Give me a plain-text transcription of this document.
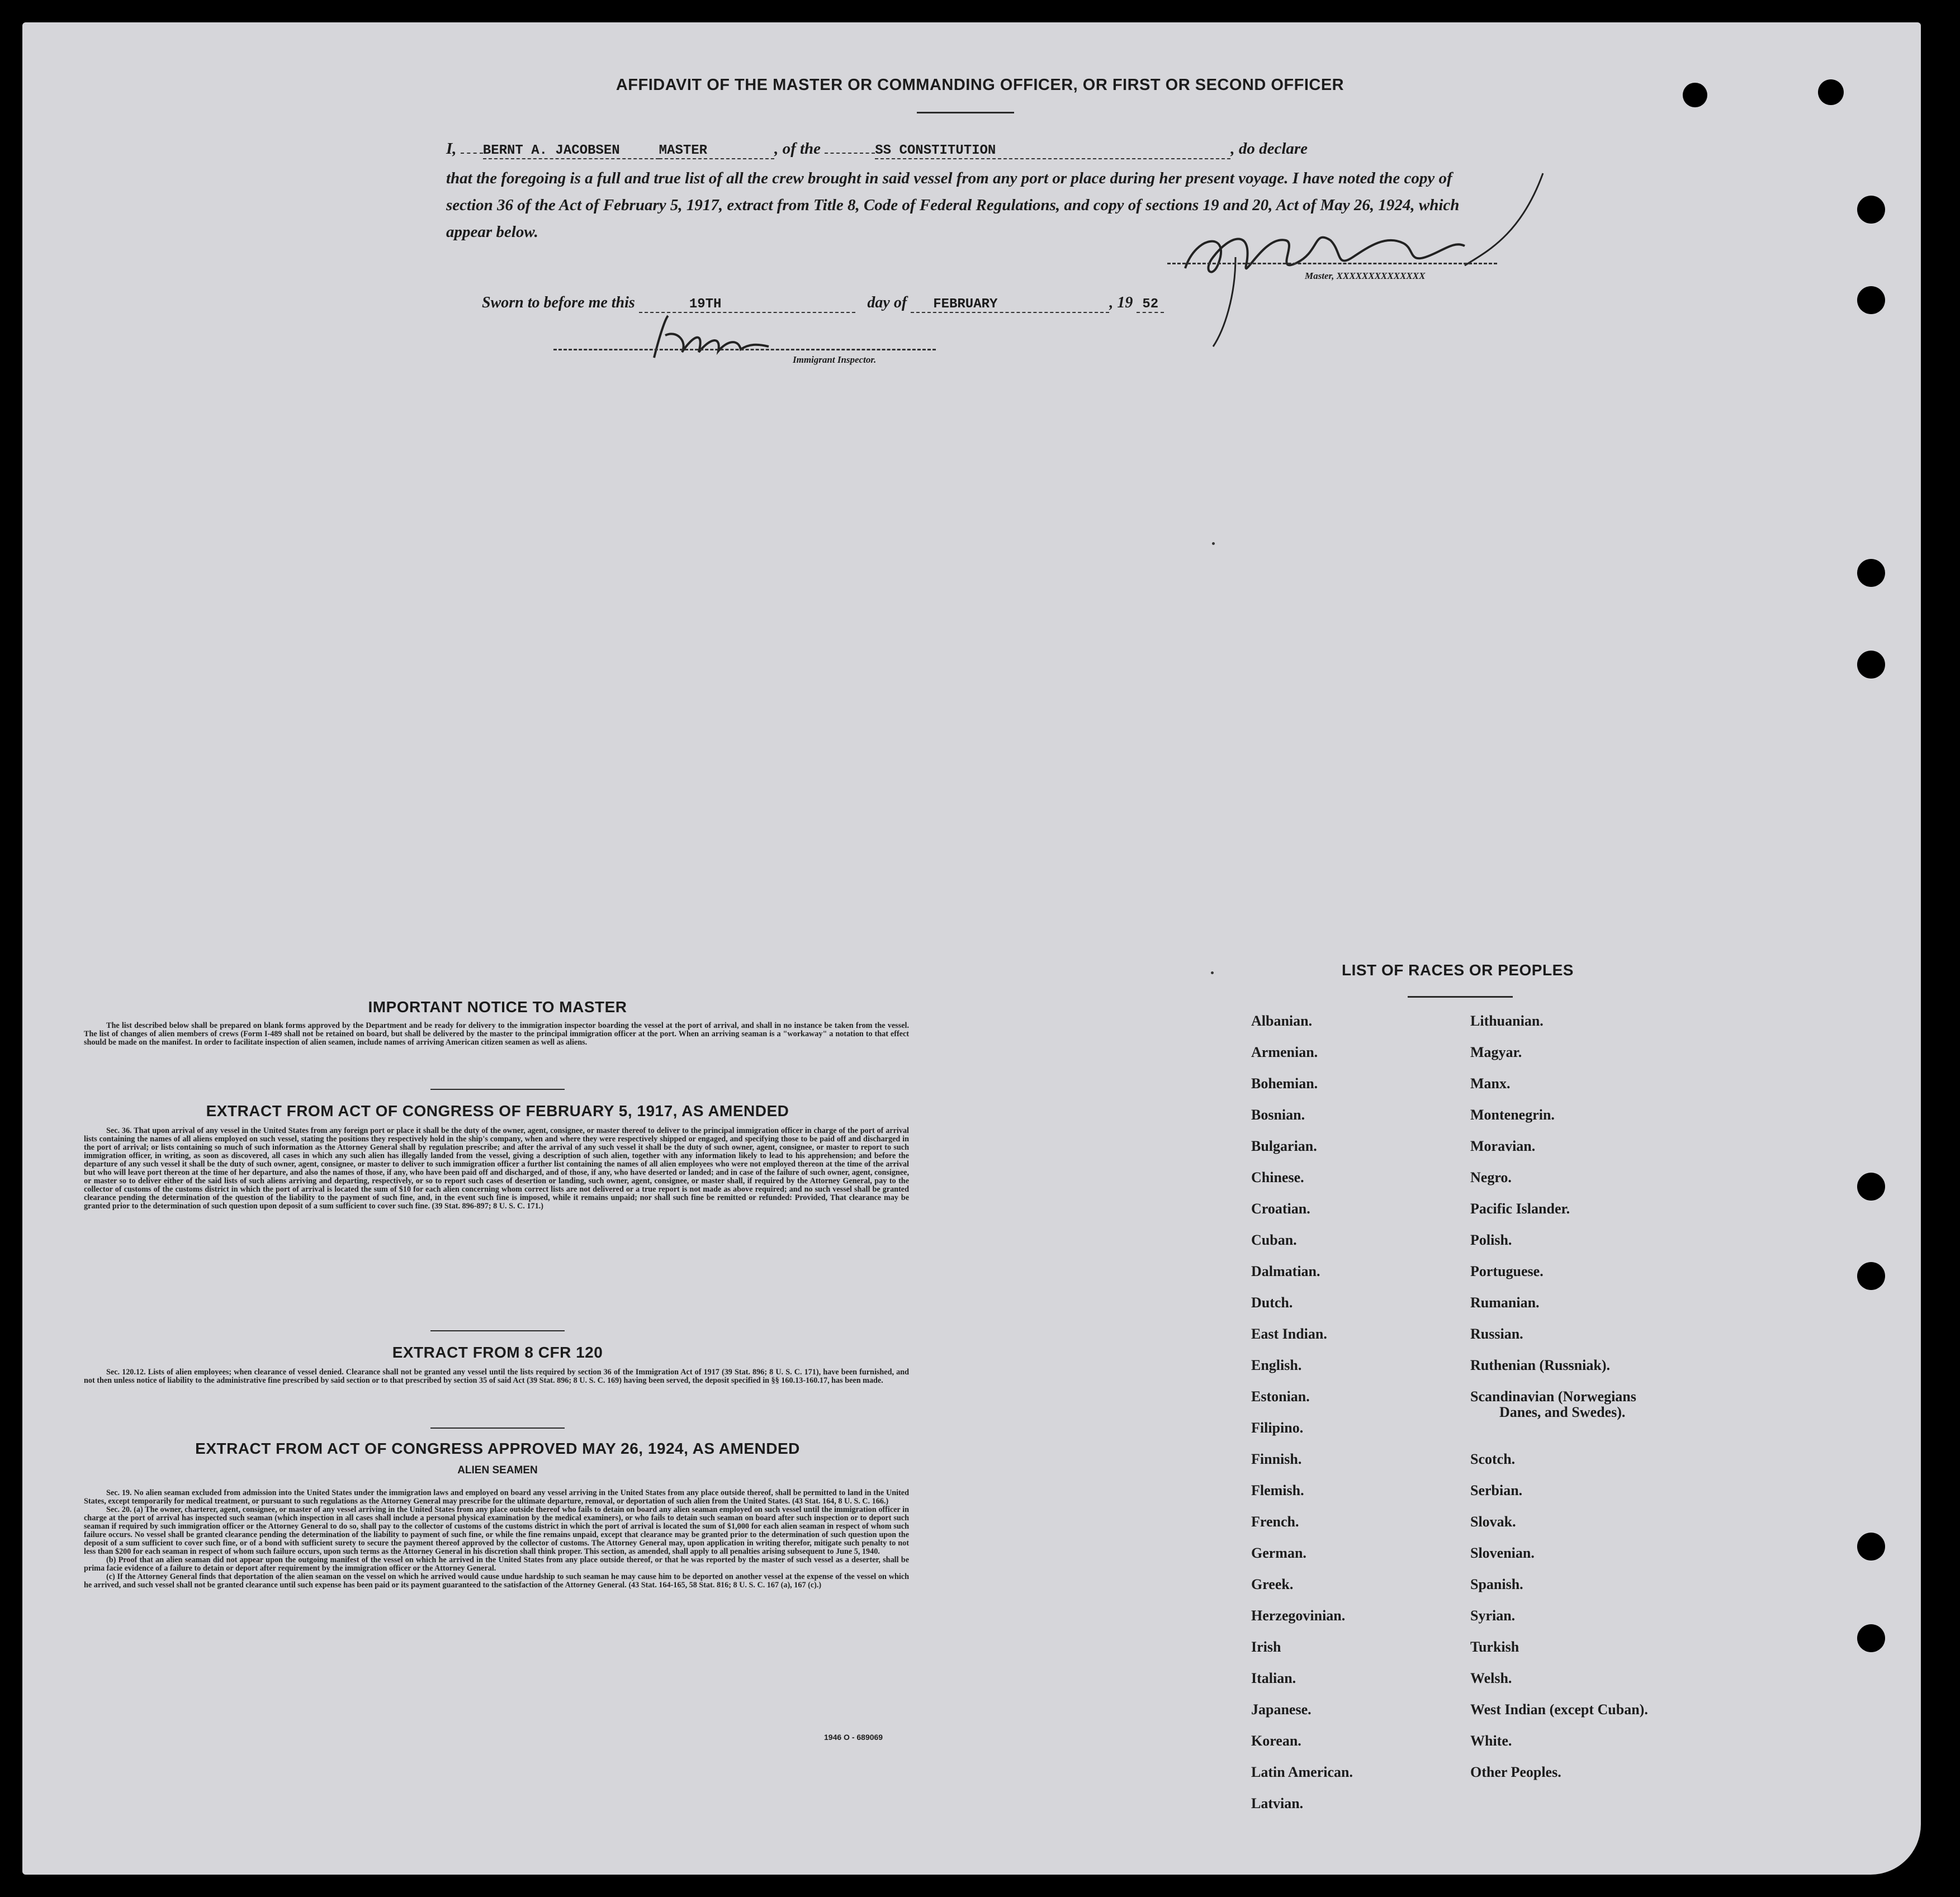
AFFIDAVIT OF THE MASTER OR COMMANDING OFFICER, OR FIRST OR SECOND OFFICER
I, BERNT A. JACOBSEN	MASTER	, of the	SS CONSTITUTION	, do declare
that the foregoing is a full and true list of all the crew brought in said vessel from any port or place during her present voyage. I have noted the copy of section 36 of the Act of February 5, 1917, extract from Title 8, Code of Federal Regulations, and copy of sections 19 and 20, Act of May 26, 1924, which appear below.
Master, XXXXXXXXXXXXXX
Sworn to before me this	19TH	day of FEBRUARY	, 19 52
Immigrant Inspector.
IMPORTANT NOTICE TO MASTER

The list described below shall be prepared on blank forms approved by the Department and be ready for delivery to the immigration inspector boarding the vessel at the port of arrival, and shall in no instance be taken from the vessel. The list of changes of alien members of crews (Form I-489 shall not be retained on board, but shall be delivered by the master to the principal immigration officer at the port. When an arriving seaman is a "workaway" a notation to that effect should be made on the manifest. In order to facilitate inspection of alien seamen, include names of arriving American citizen seamen as well as aliens.

EXTRACT FROM ACT OF CONGRESS OF FEBRUARY 5, 1917, AS AMENDED

Sec. 36. That upon arrival of any vessel in the United States from any foreign port or place it shall be the duty of the owner, agent, consignee, or master thereof to deliver to the principal immigration officer in charge of the port of arrival lists containing the names of all aliens employed on such vessel, stating the positions they respectively hold in the ship's company, when and where they were respectively shipped or engaged, and specifying those to be paid off and discharged in the port of arrival; or lists containing so much of such information as the Attorney General shall by regulation prescribe; and after the arrival of any such vessel it shall be the duty of such owner, agent, consignee, or master to report to such immigration officer, in writing, as soon as discovered, all cases in which any such alien has illegally landed from the vessel, giving a description of such alien, together with any information likely to lead to his apprehension; and before the departure of any such vessel it shall be the duty of such owner, agent, consignee, or master to deliver to such immigration officer a further list containing the names of all alien employees who were not employed thereon at the time of the arrival but who will leave port thereon at the time of her departure, and also the names of those, if any, who have been paid off and discharged, and of those, if any, who have deserted or landed; and in case of the failure of such owner, agent, consignee, or master so to deliver either of the said lists of such aliens arriving and departing, respectively, or so to report such cases of desertion or landing, such owner, agent, consignee, or master shall, if required by the Attorney General, pay to the collector of customs of the customs district in which the port of arrival is located the sum of $10 for each alien concerning whom correct lists are not delivered or a true report is not made as above required; and no such vessel shall be granted clearance pending the determination of the question of the liability to the payment of such fine, and, in the event such fine is imposed, while it remains unpaid; nor shall such fine be remitted or refunded: Provided, That clearance may be granted prior to the determination of such question upon deposit of a sum sufficient to cover such fine. (39 Stat. 896-897; 8 U. S. C. 171.)

EXTRACT FROM 8 CFR 120

Sec. 120.12. Lists of alien employees; when clearance of vessel denied. Clearance shall not be granted any vessel until the lists required by section 36 of the Immigration Act of 1917 (39 Stat. 896; 8 U. S. C. 171), have been furnished, and not then unless notice of liability to the administrative fine prescribed by said section or to that prescribed by section 35 of said Act (39 Stat. 896; 8 U. S. C. 169) having been served, the deposit specified in §§ 160.13-160.17, has been made.

EXTRACT FROM ACT OF CONGRESS APPROVED MAY 26, 1924, AS AMENDED
ALIEN SEAMEN

Sec. 19. No alien seaman excluded from admission into the United States under the immigration laws and employed on board any vessel arriving in the United States from any place outside thereof, shall be permitted to land in the United States, except temporarily for medical treatment, or pursuant to such regulations as the Attorney General may prescribe for the ultimate departure, removal, or deportation of such alien from the United States. (43 Stat. 164, 8 U. S. C. 166.)

Sec. 20. (a) The owner, charterer, agent, consignee, or master of any vessel arriving in the United States from any place outside thereof who fails to detain on board any alien seaman employed on such vessel until the immigration officer in charge at the port of arrival has inspected such seaman (which inspection in all cases shall include a personal physical examination by the medical examiners), or who fails to detain such seaman on board after such inspection or to deport such seaman if required by such immigration officer or the Attorney General to do so, shall pay to the collector of customs of the customs district in which the port of arrival is located the sum of $1,000 for each alien seaman in respect of whom such failure occurs. No vessel shall be granted clearance pending the determination of the liability to payment of such fine, or while the fine remains unpaid, except that clearance may be granted prior to the determination of such question upon the deposit of a sum sufficient to cover such fine, or of a bond with sufficient surety to secure the payment thereof approved by the collector of customs. The Attorney General may, upon application in writing therefor, mitigate such penalty to not less than $200 for each seaman in respect of whom such failure occurs, upon such terms as the Attorney General in his discretion shall think proper. This section, as amended, shall apply to all penalties arising subsequent to June 5, 1940.

(b) Proof that an alien seaman did not appear upon the outgoing manifest of the vessel on which he arrived in the United States from any place outside thereof, or that he was reported by the master of such vessel as a deserter, shall be prima facie evidence of a failure to detain or deport after requirement by the immigration officer or the Attorney General.

(c) If the Attorney General finds that deportation of the alien seaman on the vessel on which he arrived would cause undue hardship to such seaman he may cause him to be deported on another vessel at the expense of the vessel on which he arrived, and such vessel shall not be granted clearance until such expense has been paid or its payment guaranteed to the satisfaction of the Attorney General. (43 Stat. 164-165, 58 Stat. 816; 8 U. S. C. 167 (a), 167 (c).)

1946 O - 689069
LIST OF RACES OR PEOPLES
Albanian.
Armenian.
Bohemian.
Bosnian.
Bulgarian.
Chinese.
Croatian.
Cuban.
Dalmatian.
Dutch.
East Indian.
English.
Estonian.
Filipino.
Finnish.
Flemish.
French.
German.
Greek.
Herzegovinian.
Irish
Italian.
Japanese.
Korean.
Latin American.
Latvian.
Lithuanian.
Magyar.
Manx.
Montenegrin.
Moravian.
Negro.
Pacific Islander.
Polish.
Portuguese.
Rumanian.
Russian.
Ruthenian (Russniak).
Scandinavian (Norwegians
Danes, and Swedes).
Scotch.
Serbian.
Slovak.
Slovenian.
Spanish.
Syrian.
Turkish
Welsh.
West Indian (except Cuban).
White.
Other Peoples.
